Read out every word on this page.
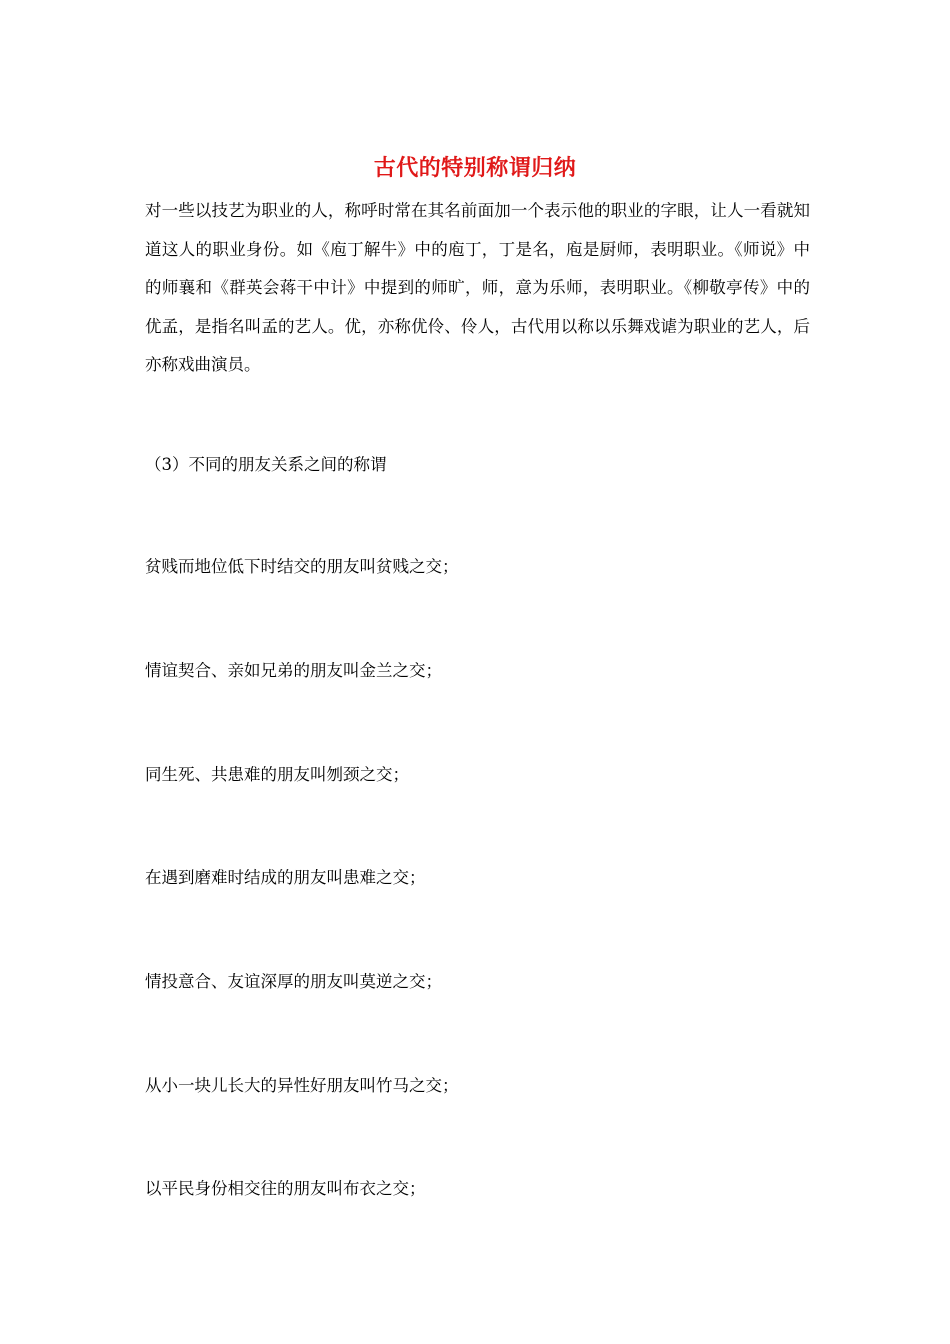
古代的特别称谓归纳
对一些以技艺为职业的人，称呼时常在其名前面加一个表示他的职业的字眼，让人一看就知道这人的职业身份。如《庖丁解牛》中的庖丁，丁是名，庖是厨师，表明职业。《师说》中的师襄和《群英会蒋干中计》中提到的师旷，师，意为乐师，表明职业。《柳敬亭传》中的优孟，是指名叫孟的艺人。优，亦称优伶、伶人，古代用以称以乐舞戏谑为职业的艺人，后亦称戏曲演员。
（3）不同的朋友关系之间的称谓
贫贱而地位低下时结交的朋友叫贫贱之交；
情谊契合、亲如兄弟的朋友叫金兰之交；
同生死、共患难的朋友叫刎颈之交；
在遇到磨难时结成的朋友叫患难之交；
情投意合、友谊深厚的朋友叫莫逆之交；
从小一块儿长大的异性好朋友叫竹马之交；
以平民身份相交往的朋友叫布衣之交；
